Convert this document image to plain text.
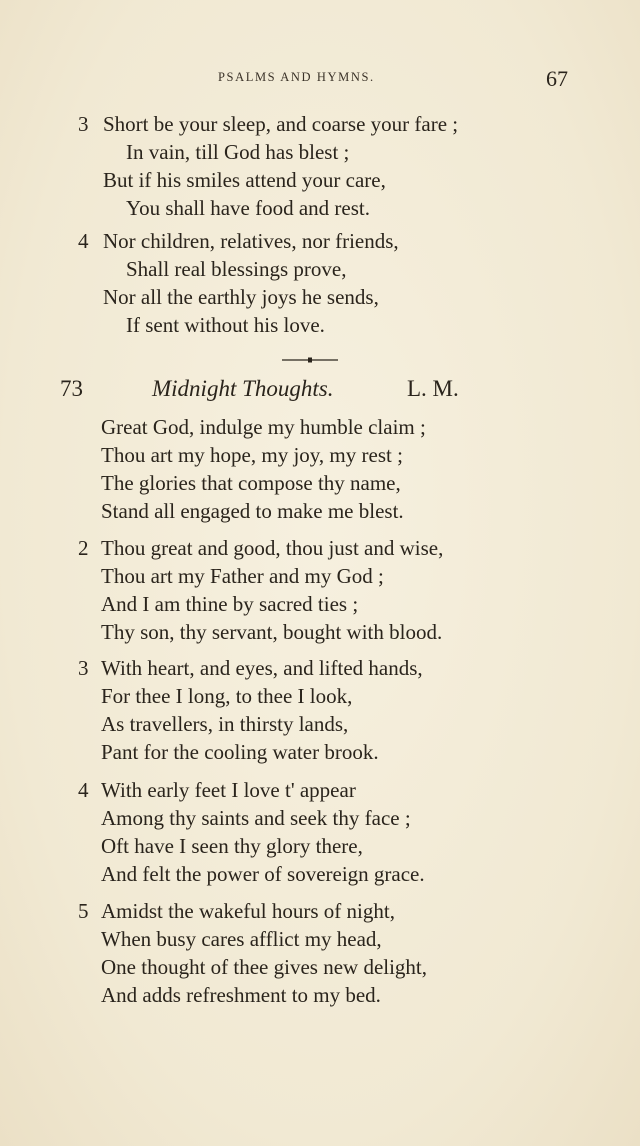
PSALMS AND HYMNS.	67
3 Short be your sleep, and coarse your fare ;
In vain, till God has blest ;
But if his smiles attend your care,
You shall have food and rest.
4 Nor children, relatives, nor friends,
Shall real blessings prove,
Nor all the earthly joys he sends,
If sent without his love.
73	Midnight Thoughts.	L. M.
Great God, indulge my humble claim ;
Thou art my hope, my joy, my rest ;
The glories that compose thy name,
Stand all engaged to make me blest.
2 Thou great and good, thou just and wise,
Thou art my Father and my God ;
And I am thine by sacred ties ;
Thy son, thy servant, bought with blood.
3 With heart, and eyes, and lifted hands,
For thee I long, to thee I look,
As travellers, in thirsty lands,
Pant for the cooling water brook.
4 With early feet I love t' appear
Among thy saints and seek thy face ;
Oft have I seen thy glory there,
And felt the power of sovereign grace.
5 Amidst the wakeful hours of night,
When busy cares afflict my head,
One thought of thee gives new delight,
And adds refreshment to my bed.
